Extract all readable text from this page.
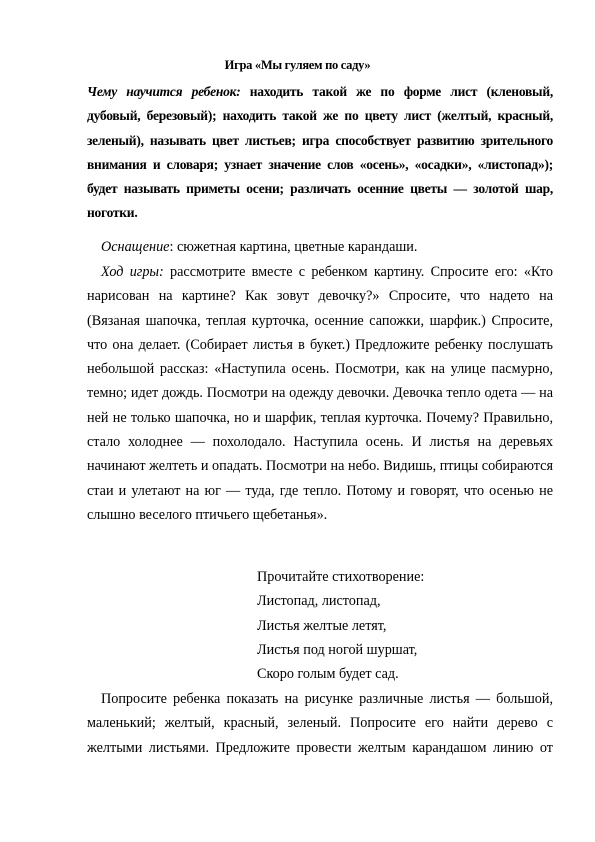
Игра «Мы гуляем по саду»
Чему научится ребенок: находить такой же по форме лист (кленовый,
дубовый, березовый); находить такой же по цвету лист (желтый, красный,
зеленый), называть цвет листьев; игра способствует развитию зрительного
внимания и словаря; узнает значение слов «осень», «осадки», «листопад»);
будет называть приметы осени; различать осенние цветы — золотой шар,
ноготки.
Оснащение: сюжетная картина, цветные карандаши.
Ход игры: рассмотрите вместе с ребенком картину. Спросите его: «Кто
нарисован на картине? Как зовут девочку?» Спросите, что надето на
(Вязаная шапочка, теплая курточка, осенние сапожки, шарфик.) Спросите,
что она делает. (Собирает листья в букет.) Предложите ребенку послушать
небольшой рассказ: «Наступила осень. Посмотри, как на улице пасмурно,
темно; идет дождь. Посмотри на одежду девочки. Девочка тепло одета — на
ней не только шапочка, но и шарфик, теплая курточка. Почему? Правильно,
стало холоднее — похолодало. Наступила осень. И листья на деревьях
начинают желтеть и опадать. Посмотри на небо. Видишь, птицы собираются
стаи и улетают на юг — туда, где тепло. Потому и говорят, что осенью не
слышно веселого птичьего щебетанья».
Прочитайте стихотворение:
Листопад, листопад,
Листья желтые летят,
Листья под ногой шуршат,
Скоро голым будет сад.
Попросите ребенка показать на рисунке различные листья — большой,
маленький; желтый, красный, зеленый. Попросите его найти дерево с
желтыми листьями. Предложите провести желтым карандашом линию от
